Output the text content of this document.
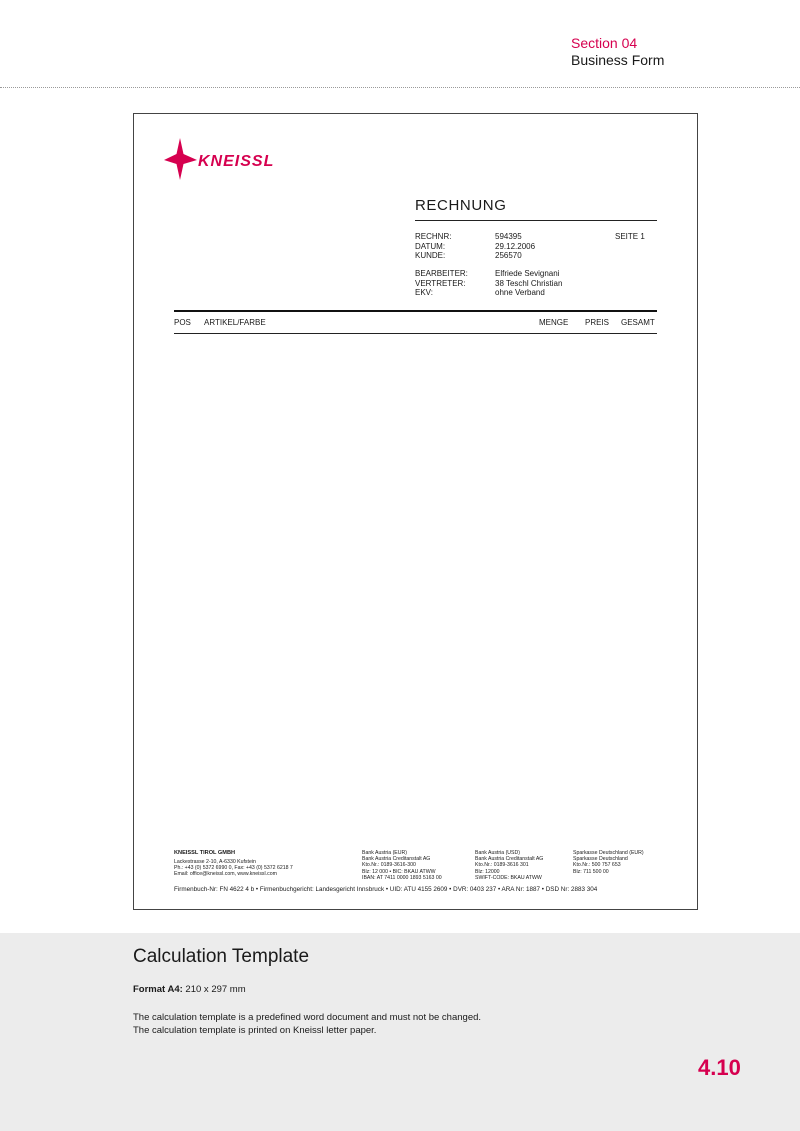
Section 04
Business Form
KNEISSL
RECHNUNG
RECHNR:
DATUM:
KUNDE:
594395
29.12.2006
256570
SEITE 1
BEARBEITER:
VERTRETER:
EKV:
Elfriede Sevignani
38 Teschl Christian
ohne Verband
POS ARTIKEL/FARBE	MENGE PREIS GESAMT
KNEISSL TIROL GMBH
Lackestrasse 2-10, A-6330 Kufstein
Ph.: +43 (0) 5372 6990 0, Fax: +43 (0) 5372 6218 7
Email: office@kneissl.com, www.kneissl.com
Bank Austria (EUR)
Bank Austria Creditanstalt AG
Kto.Nr.: 0189-3616-300
Blz: 12 000 • BIC: BKAU ATWW
IBAN: AT 7411 0000 1893 5163 00
Bank Austria (USD)
Bank Austria Creditanstalt AG
Kto.Nr.: 0189-3616 301
Blz: 12000
SWIFT-CODE: BKAU ATWW
Sparkasse Deutschland (EUR)
Sparkasse Deutschland
Kto.Nr.: 500 757 653
Blz: 711 500 00
Firmenbuch-Nr: FN 4622 4 b • Firmenbuchgericht: Landesgericht Innsbruck • UID: ATU 4155 2609 • DVR: 0403 237 • ARA Nr: 1887 • DSD Nr: 2883 304
Calculation Template
Format A4: 210 x 297 mm
The calculation template is a predefined word document and must not be changed.
The calculation template is printed on Kneissl letter paper.
4.10
